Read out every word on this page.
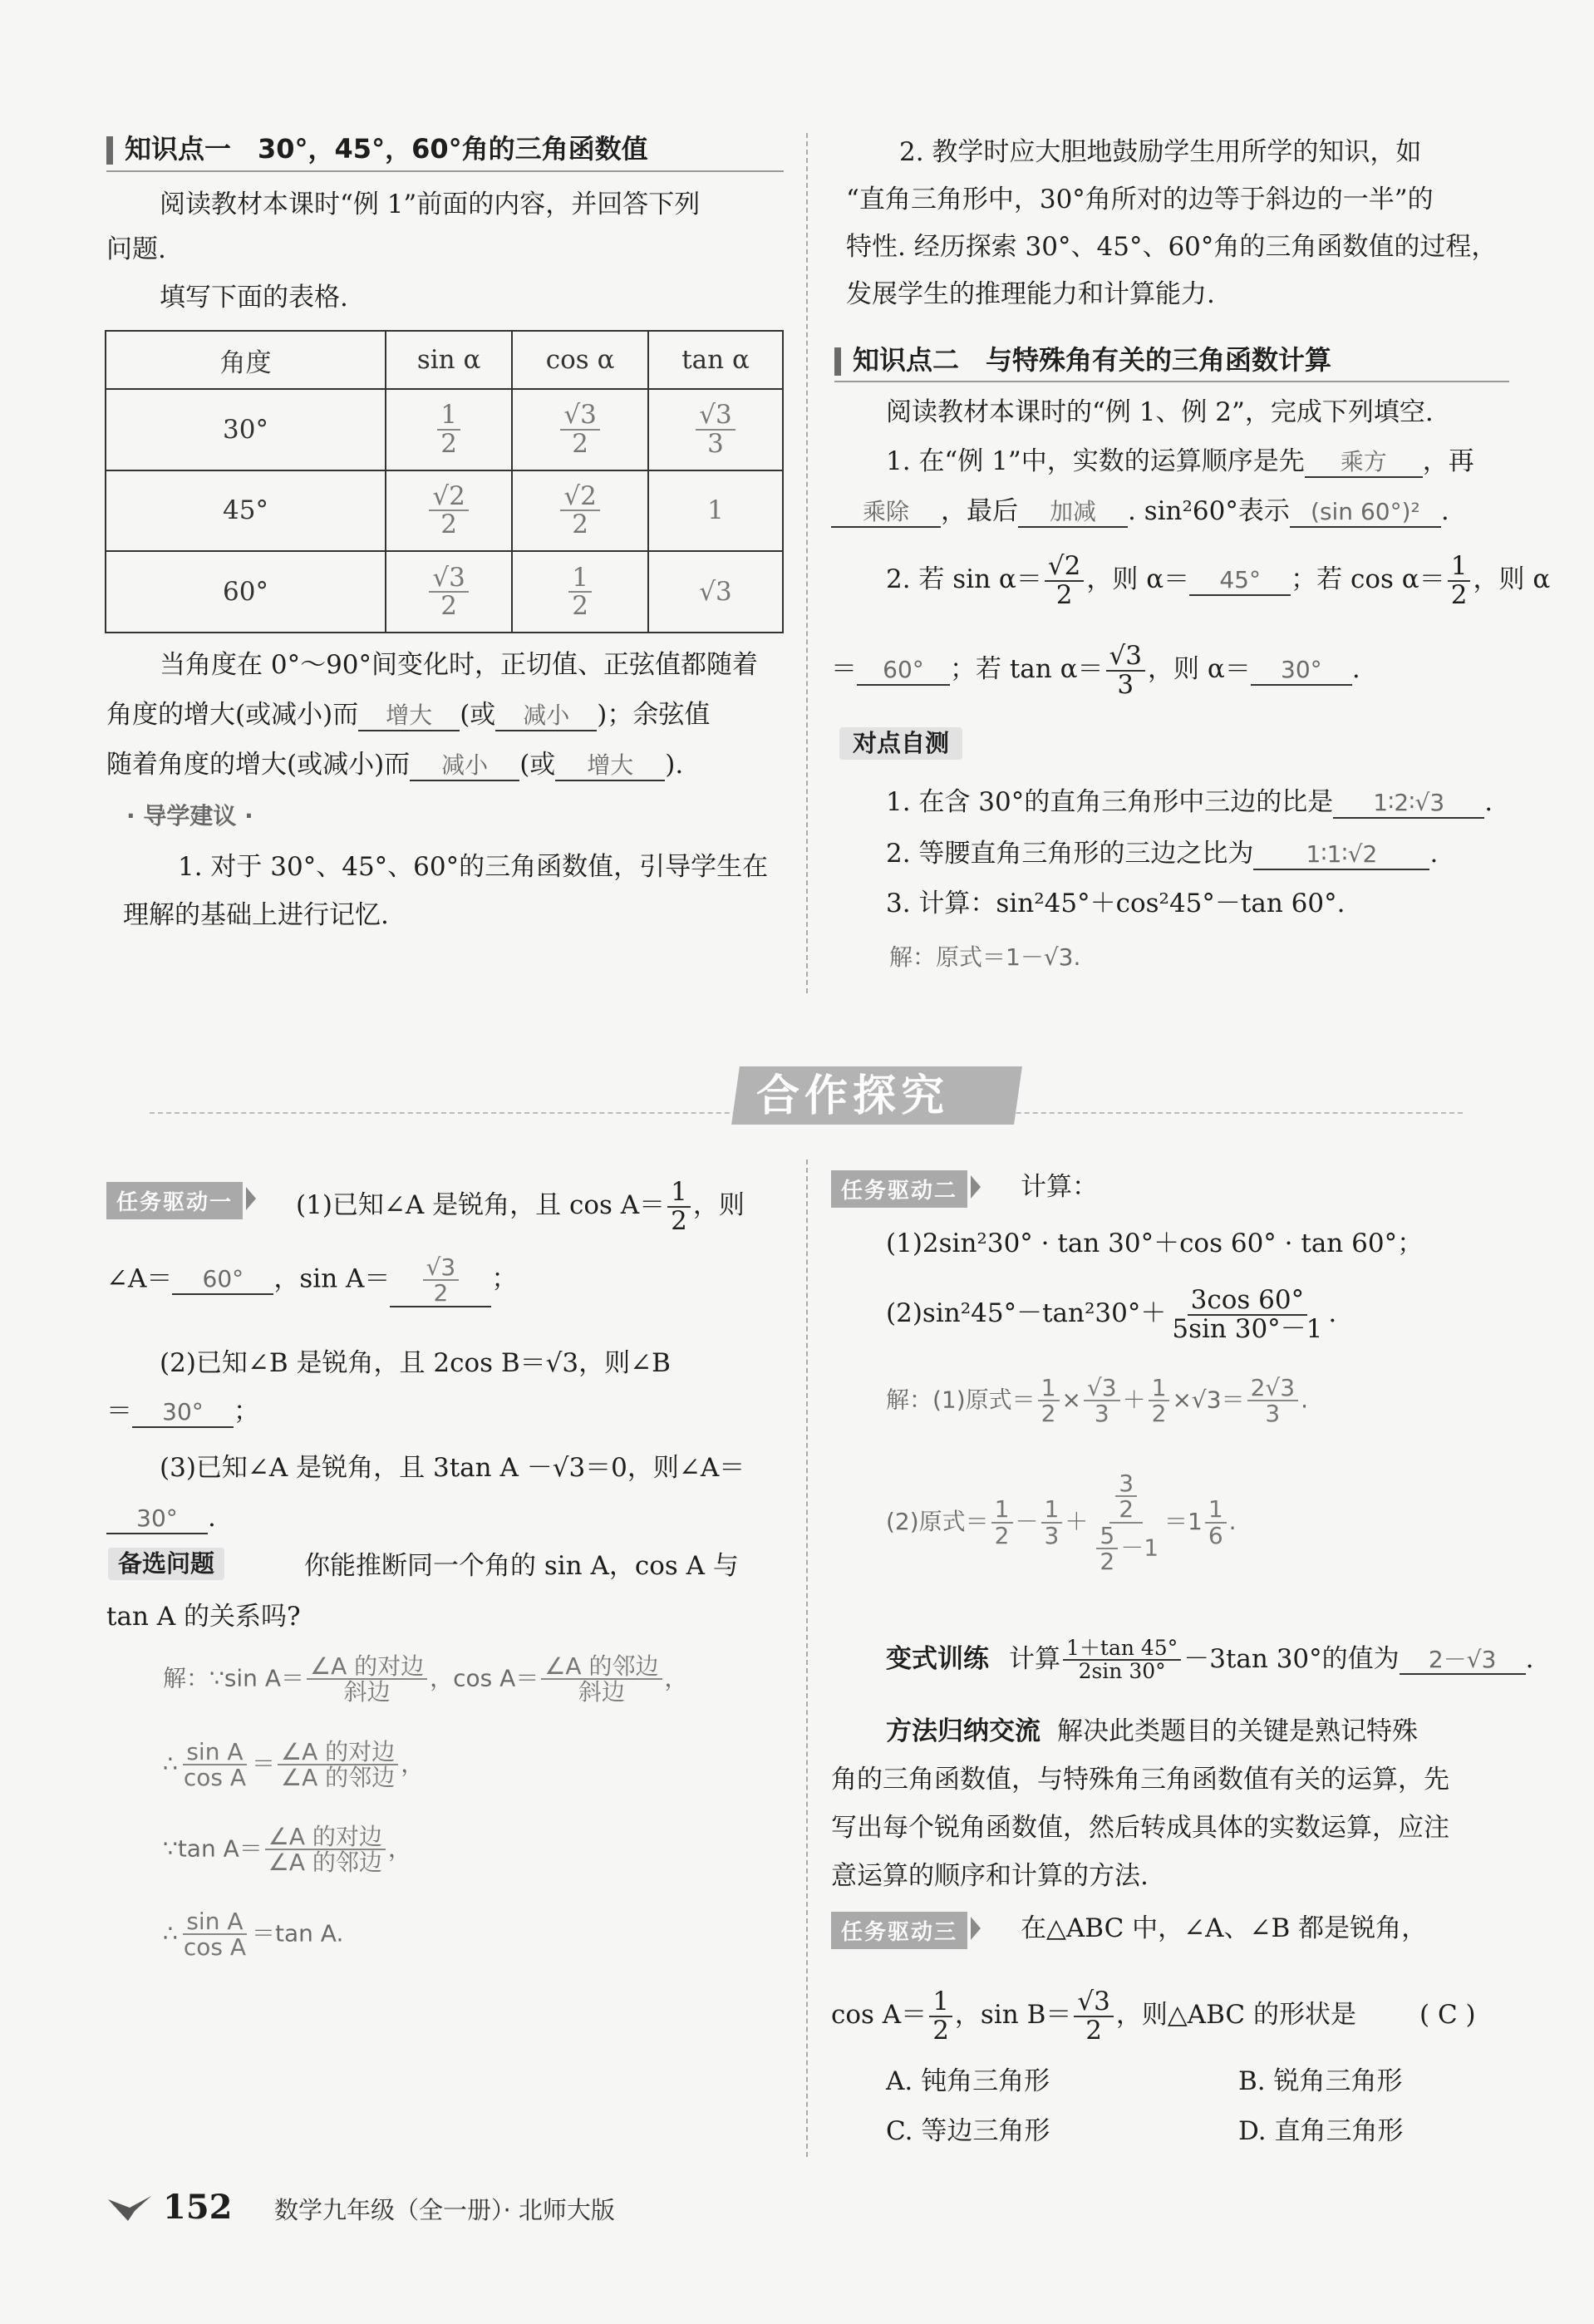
知识点一　30°，45°，60°角的三角函数值
阅读教材本课时“例 1”前面的内容，并回答下列
问题.
填写下面的表格.
角度	sin α	cos α	tan α
30°	$\frac{1}{2}$	$\frac{√3}{2}$	$\frac{√3}{3}$

45°	$\frac{√2}{2}$	$\frac{√2}{2}$	1
60°	$\frac{√3}{2}$	$\frac{1}{2}$	√3
当角度在 0°～90°间变化时，正切值、正弦值都随着
角度的增大(或减小)而 增大 (或 减小 )；余弦值
随着角度的增大(或减小)而 减小 (或 增大 ).
· 导学建议 ·
1. 对于 30°、45°、60°的三角函数值，引导学生在
理解的基础上进行记忆.
2. 教学时应大胆地鼓励学生用所学的知识，如
“直角三角形中，30°角所对的边等于斜边的一半”的
特性. 经历探索 30°、45°、60°角的三角函数值的过程，
发展学生的推理能力和计算能力.
知识点二　与特殊角有关的三角函数计算
阅读教材本课时的“例 1、例 2”，完成下列填空.
1. 在“例 1”中，实数的运算顺序是先 乘方 ，再
乘除 ，最后 加减 . sin²60°表示 (sin 60°)² .
2. 若 $\sin \alpha= \frac{√2}{2}$ ，则 α＝ 45° ；若 $\cos \alpha= \frac{1}{2}$ ，则 α
＝ 60° ；若 $\tan \alpha= \frac{√3}{3}$ ，则 α＝ 30° .
对点自测
1. 在含 30°的直角三角形中三边的比是 1∶2∶√3 .
2. 等腰直角三角形的三边之比为 1∶1∶√2 .
3. 计算：sin²45°＋cos²45°－tan 60°.
解：原式＝1－√3.
合作探究
任务驱动一	(1)已知∠A 是锐角，且 $\cos A= \frac{1}{2}$ ，则
∠A＝ 60° ，$\sin A= \frac{√3}{2}$ ；
(2)已知∠B 是锐角，且 2cos B＝√3，则∠B
＝ 30° ；
(3)已知∠A 是锐角，且 3tan A －√3＝0，则∠A＝
30° .
备选问题	你能推断同一个角的 sin A，cos A 与
tan A 的关系吗?
解：∵sin $A= \frac{\text{∠A 的对边}}{\text{斜边}}$ ，$\cos A= \frac{\text{∠A 的邻边}}{\text{斜边}}$ ，
∴ $\frac{\text{sin A}}{\text{cos A}} = \frac{\text{∠A 的对边}}{\text{∠A 的邻边}}$ ，
∵tan $A= \frac{\text{∠A 的对边}}{\text{∠A 的邻边}}$ ，
∴ $\frac{\text{sin A}}{\text{cos A}} =\tan$ A.
任务驱动二	计算：
(1)2sin²30° · tan 30°＋cos 60° · tan 60°；
$(2)\sin^245^\circ-\tan^230^\circ+ \frac{3\cos 60^\circ}{5\sin 30^\circ-1}$ .
解：(1)原式＝ $\frac{1}{2} \times \frac{√3}{3} + \frac{1}{2} \times√3= \frac{2√3}{3}$ .
(2)原式＝ $\frac{1}{2} - \frac{1}{3} + \frac{\frac{3}{2}}{\frac{5}{2} -1} =1 \frac{1}{6}$ .
变式训练 计算 $\frac{1+\tan 45^\circ}{2\sin 30^\circ} -3\tan$ 30°的值为 2－√3 .
方法归纳交流 解决此类题目的关键是熟记特殊
角的三角函数值，与特殊角三角函数值有关的运算，先
写出每个锐角函数值，然后转成具体的实数运算，应注
意运算的顺序和计算的方法.
任务驱动三	在△ABC 中，∠A、∠B 都是锐角，
$\cos A= \frac{1}{2}$ ，$\sin B= \frac{√3}{2}$ ，则△ABC 的形状是 ( C )
A. 钝角三角形	B. 锐角三角形
C. 等边三角形	D. 直角三角形
152 数学九年级（全一册）· 北师大版
